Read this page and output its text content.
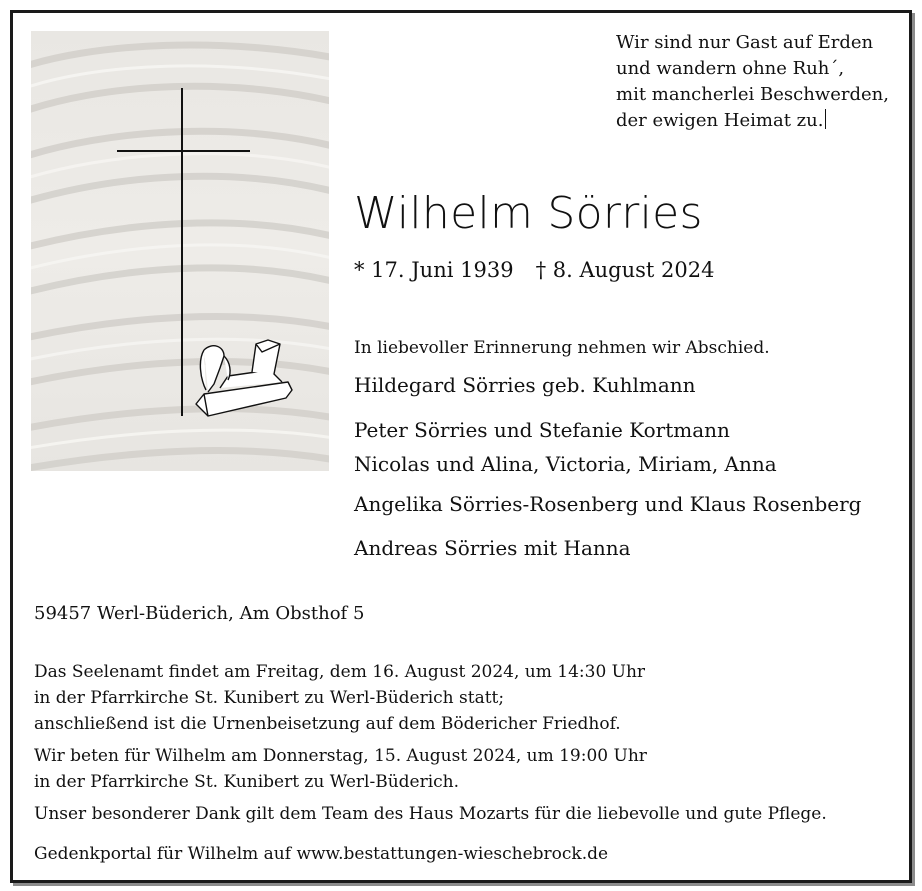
Wir sind nur Gast auf Erden
und wandern ohne Ruh´,
mit mancherlei Beschwerden,
der ewigen Heimat zu.
Wilhelm Sörries
* 17. Juni 1939 † 8. August 2024
In liebevoller Erinnerung nehmen wir Abschied.
Hildegard Sörries geb. Kuhlmann
Peter Sörries und Stefanie Kortmann
Nicolas und Alina, Victoria, Miriam, Anna
Angelika Sörries-Rosenberg und Klaus Rosenberg
Andreas Sörries mit Hanna
59457 Werl-Büderich, Am Obsthof 5
Das Seelenamt findet am Freitag, dem 16. August 2024, um 14:30 Uhr
in der Pfarrkirche St. Kunibert zu Werl-Büderich statt;
anschließend ist die Urnenbeisetzung auf dem Bödericher Friedhof.
Wir beten für Wilhelm am Donnerstag, 15. August 2024, um 19:00 Uhr
in der Pfarrkirche St. Kunibert zu Werl-Büderich.
Unser besonderer Dank gilt dem Team des Haus Mozarts für die liebevolle und gute Pflege.
Gedenkportal für Wilhelm auf www.bestattungen-wieschebrock.de
